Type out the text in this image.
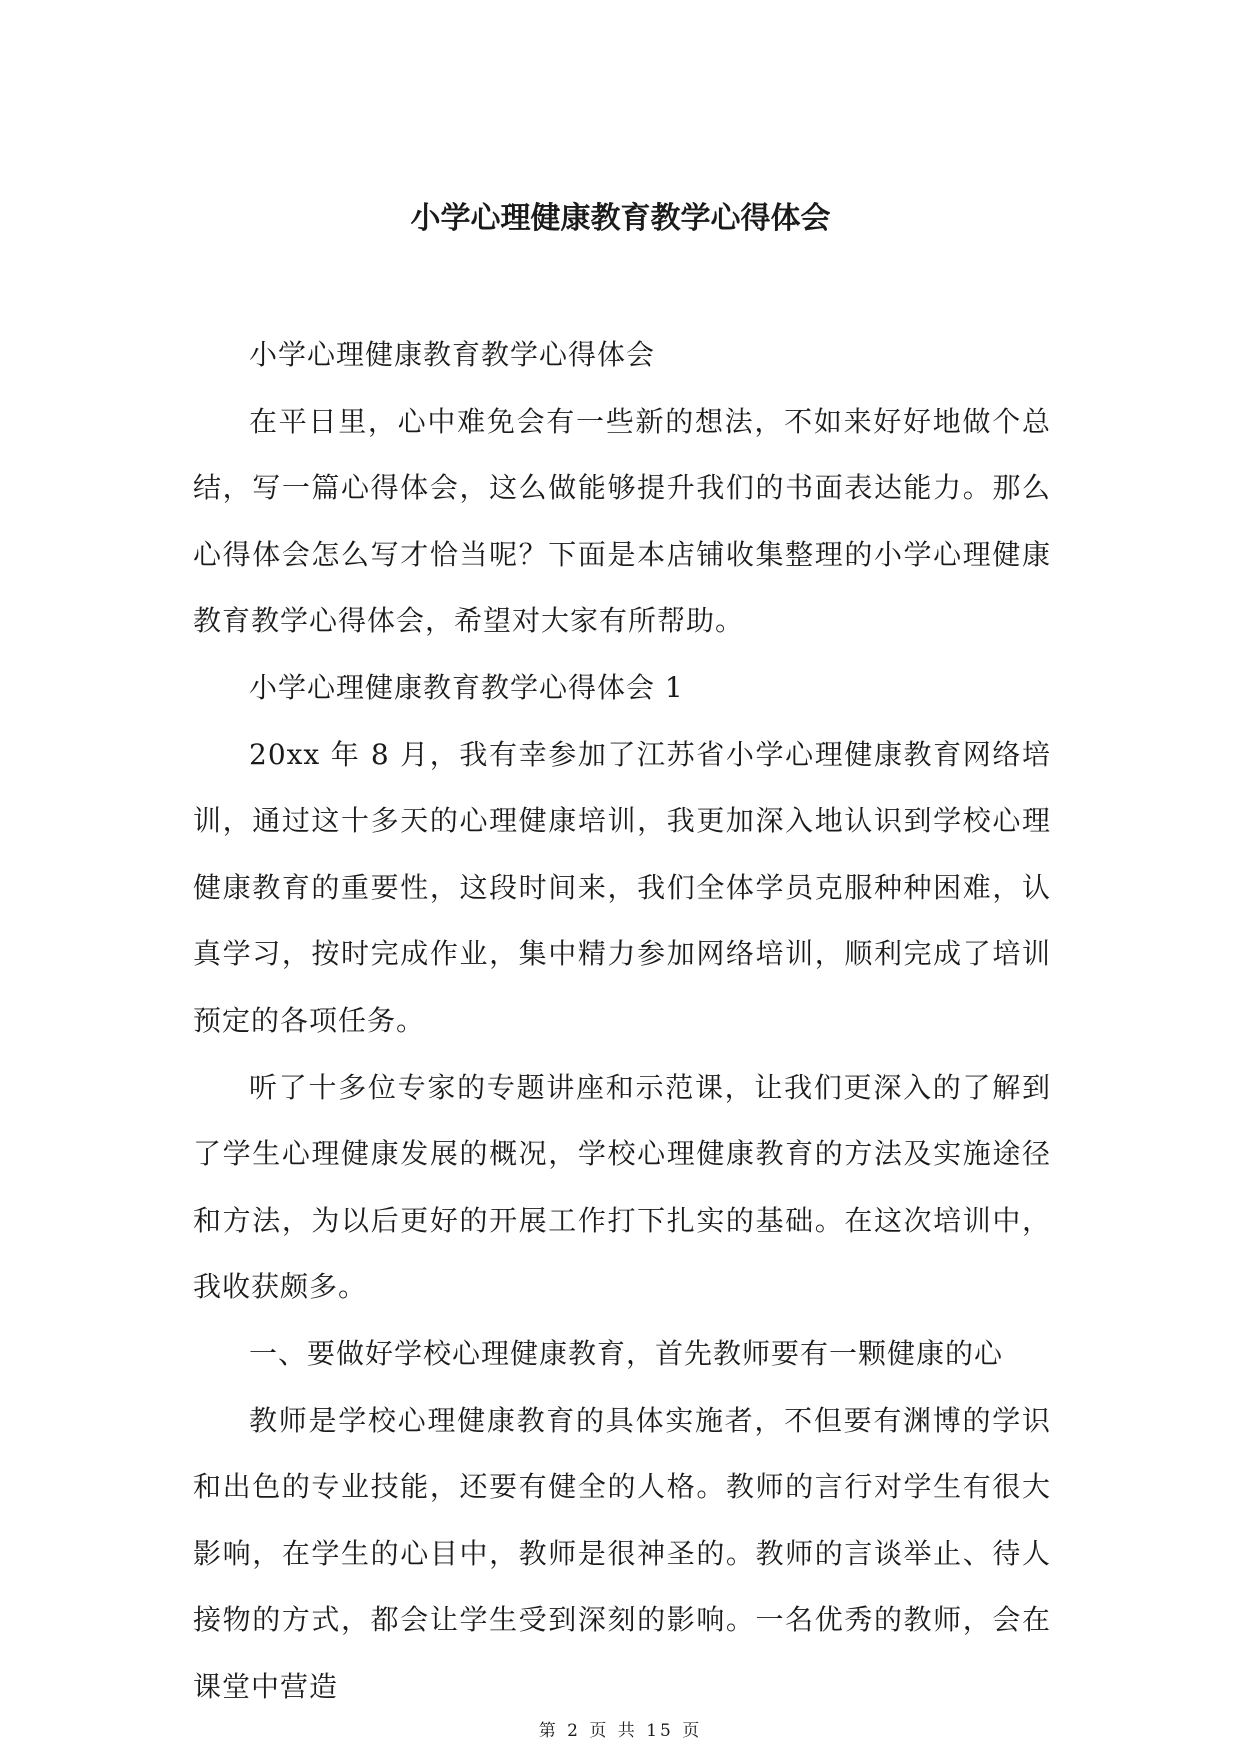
小学心理健康教育教学心得体会

小学心理健康教育教学心得体会

在平日里，心中难免会有一些新的想法，不如来好好地做个总结，写一篇心得体会，这么做能够提升我们的书面表达能力。那么心得体会怎么写才恰当呢？下面是本店铺收集整理的小学心理健康教育教学心得体会，希望对大家有所帮助。

小学心理健康教育教学心得体会 1

20xx 年 8 月，我有幸参加了江苏省小学心理健康教育网络培训，通过这十多天的心理健康培训，我更加深入地认识到学校心理健康教育的重要性，这段时间来，我们全体学员克服种种困难，认真学习，按时完成作业，集中精力参加网络培训，顺利完成了培训预定的各项任务。

听了十多位专家的专题讲座和示范课，让我们更深入的了解到了学生心理健康发展的概况，学校心理健康教育的方法及实施途径和方法，为以后更好的开展工作打下扎实的基础。在这次培训中，我收获颇多。

一、要做好学校心理健康教育，首先教师要有一颗健康的心

教师是学校心理健康教育的具体实施者，不但要有渊博的学识和出色的专业技能，还要有健全的人格。教师的言行对学生有很大影响，在学生的心目中，教师是很神圣的。教师的言谈举止、待人接物的方式，都会让学生受到深刻的影响。一名优秀的教师，会在课堂中营造

第 2 页 共 15 页
